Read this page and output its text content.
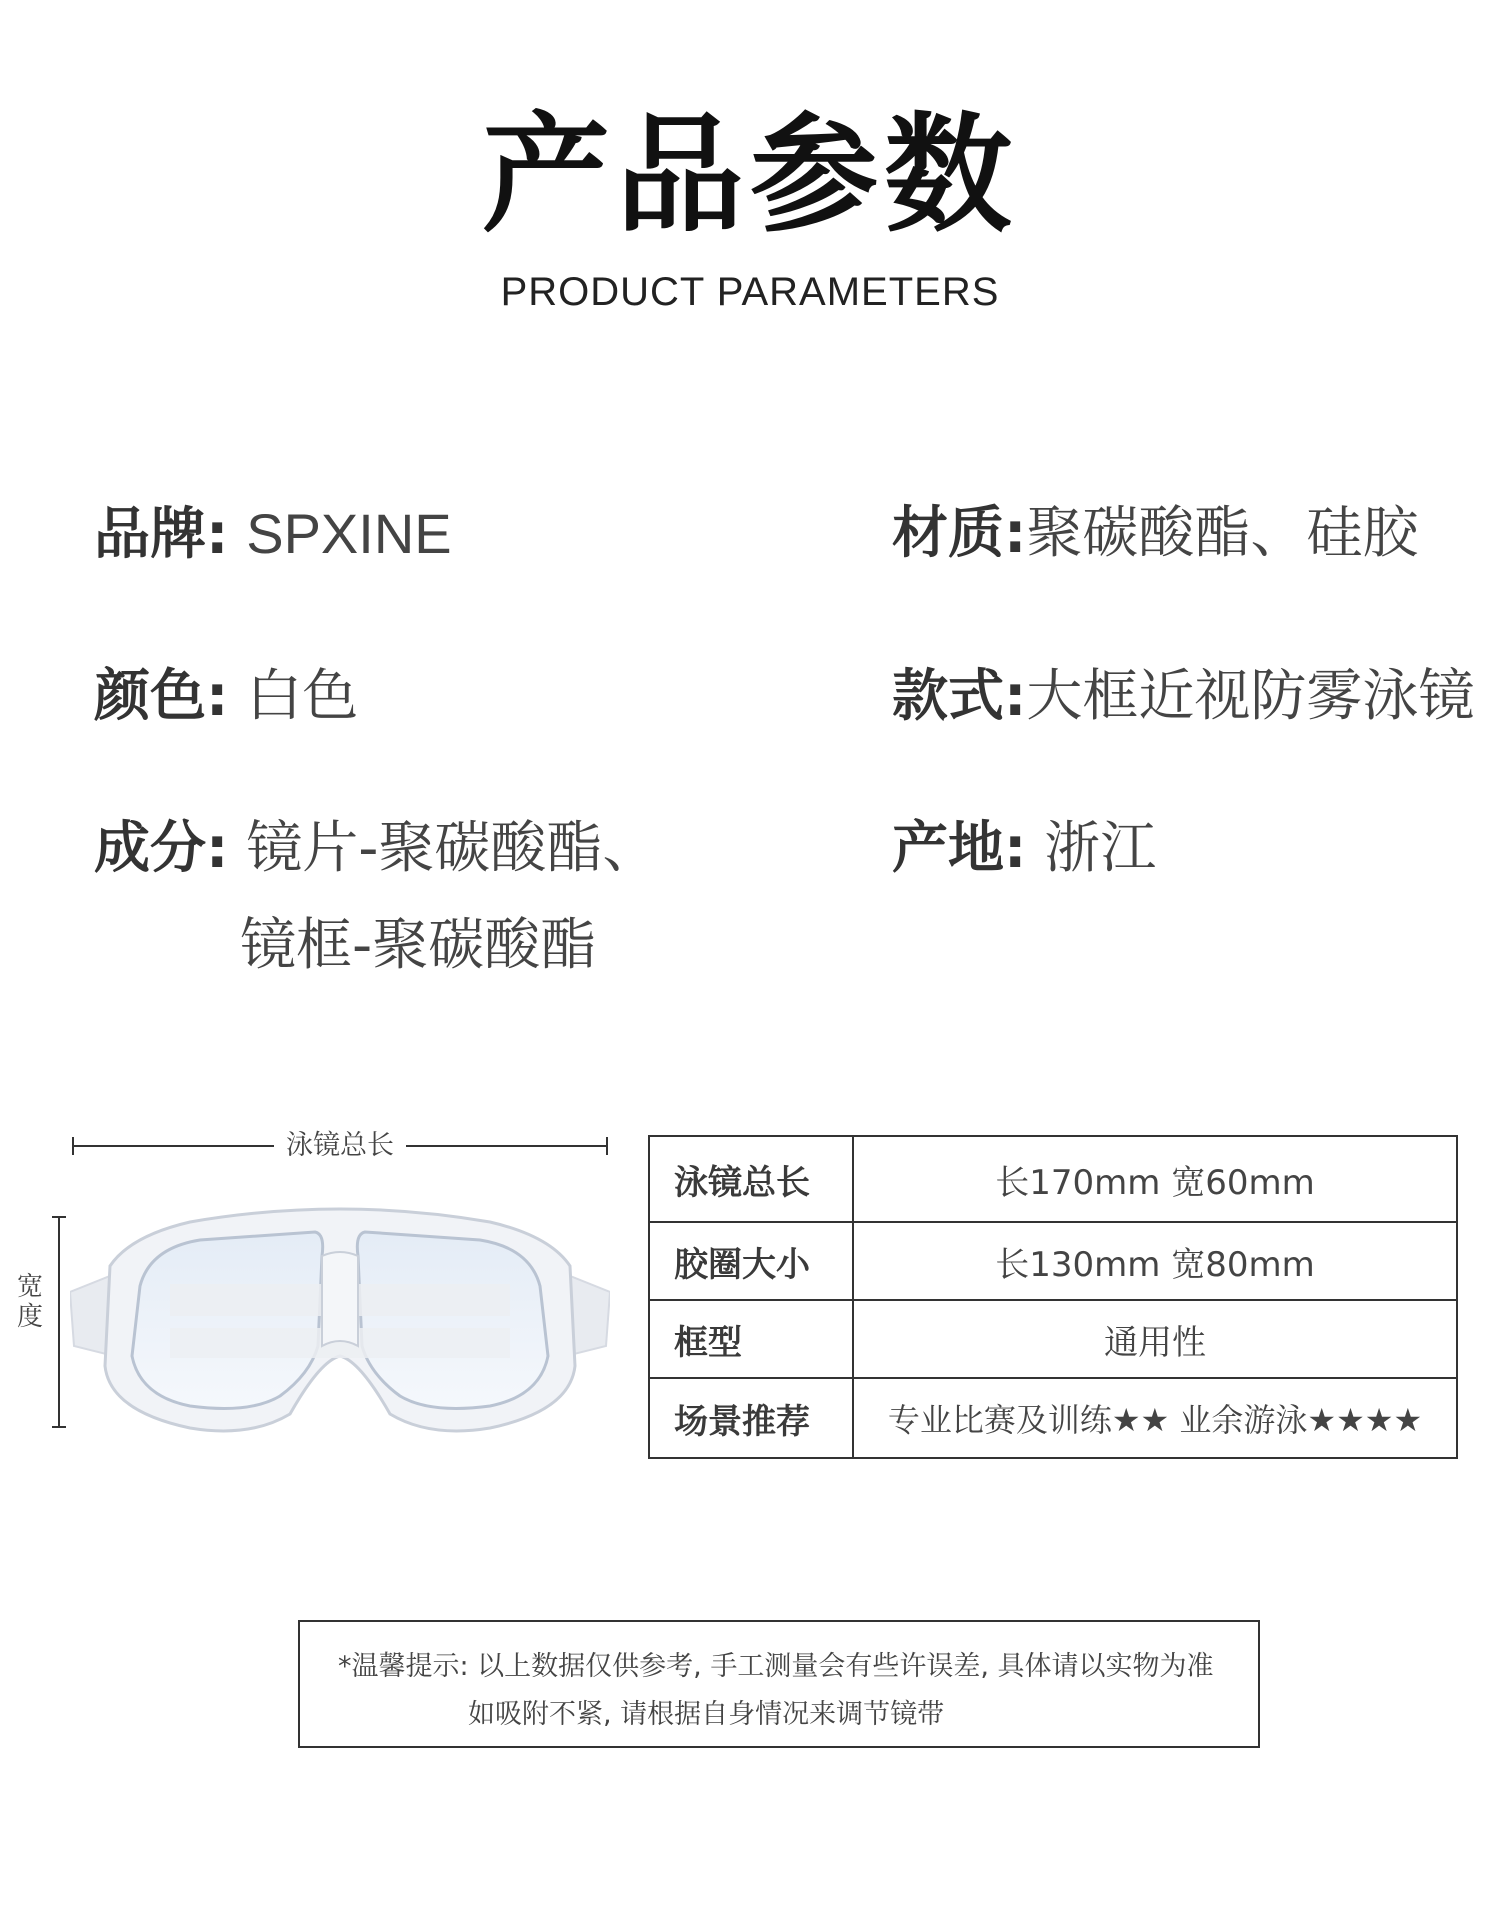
产品参数
PRODUCT PARAMETERS
品牌: SPXINE	材质:聚碳酸酯、硅胶
颜色: 白色	款式:大框近视防雾泳镜
成分: 镜片-聚碳酸酯、
镜框-聚碳酸酯
产地: 浙江
泳镜总长
宽度
泳镜总长	长170mm 宽60mm
胶圈大小	长130mm 宽80mm
框型	通用性
场景推荐	专业比赛及训练★★ 业余游泳★★★★
*温馨提示: 以上数据仅供参考, 手工测量会有些许误差, 具体请以实物为准
如吸附不紧, 请根据自身情况来调节镜带
